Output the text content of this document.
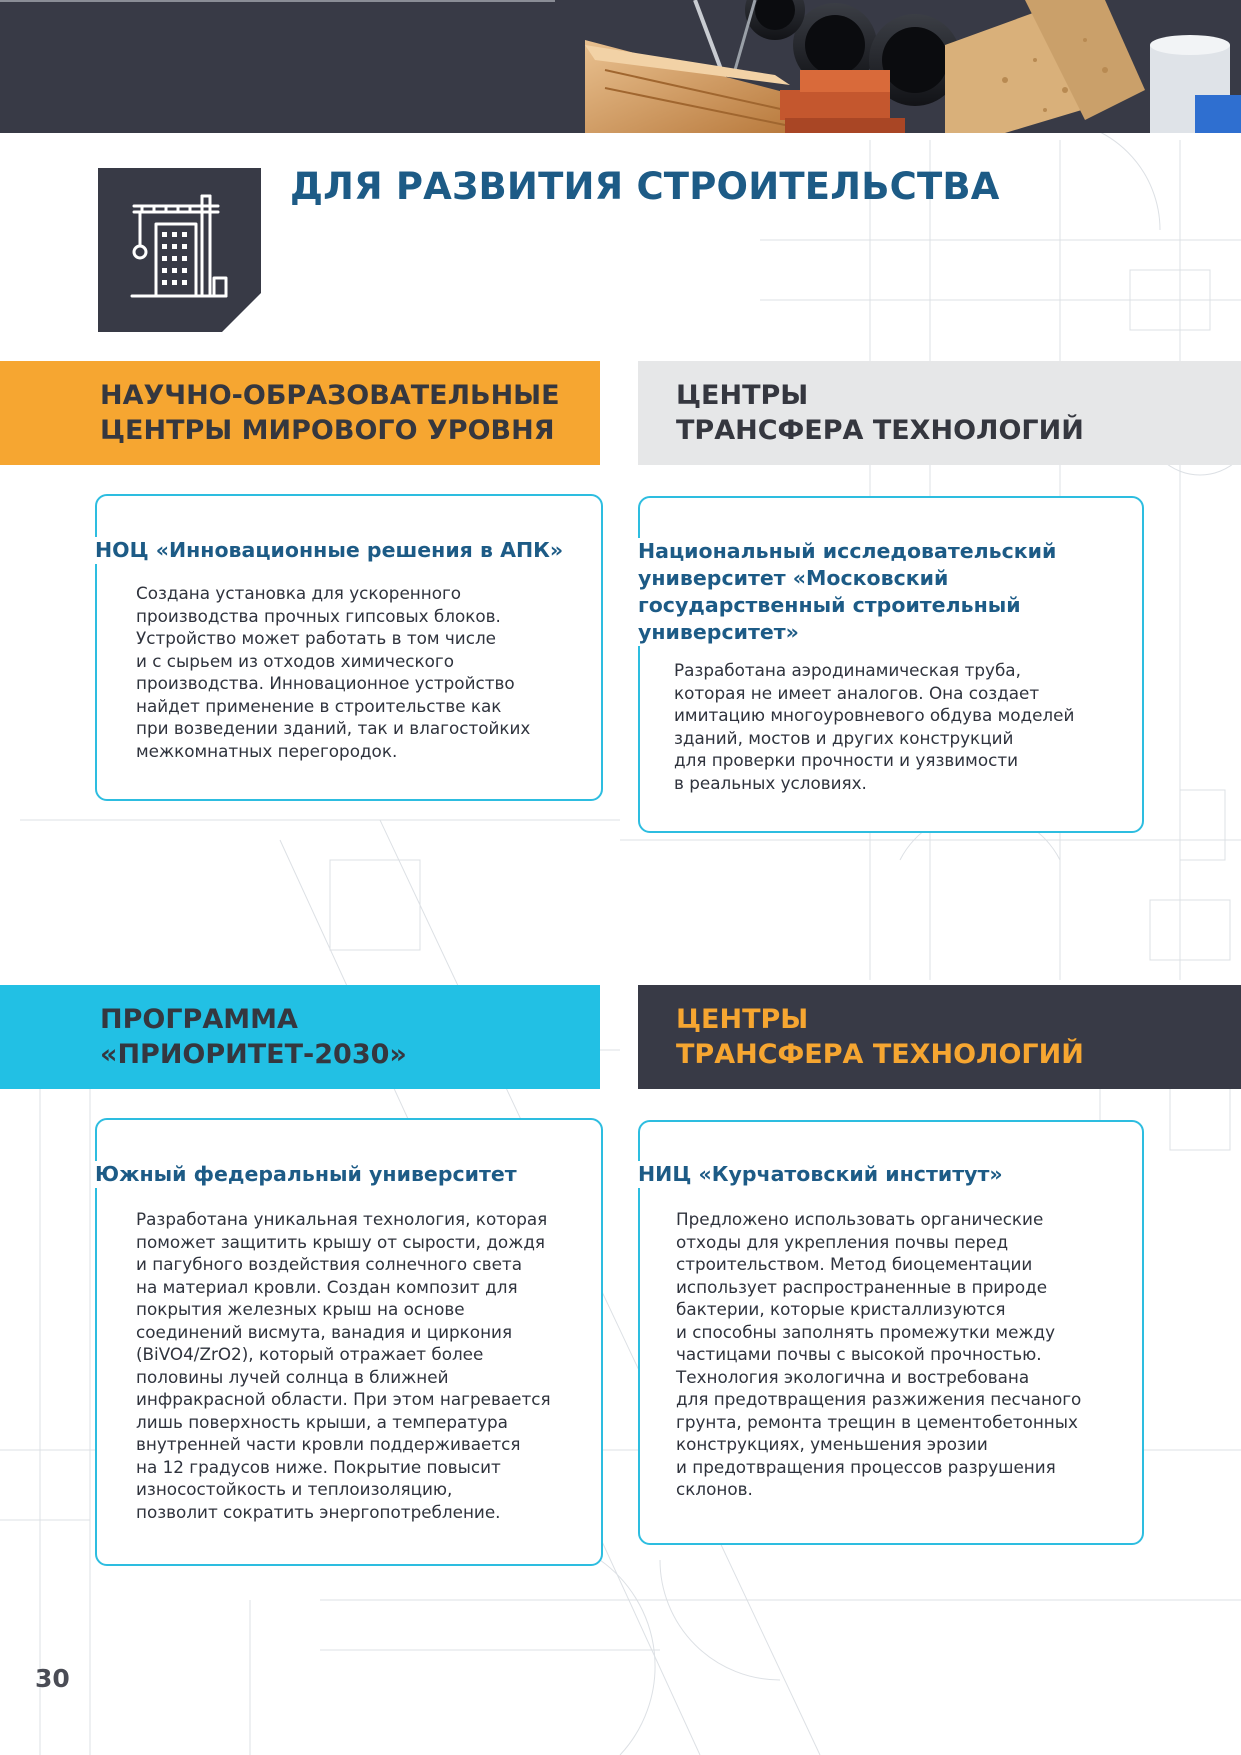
ДЛЯ РАЗВИТИЯ СТРОИТЕЛЬСТВА
НАУЧНО-ОБРАЗОВАТЕЛЬНЫЕ
ЦЕНТРЫ МИРОВОГО УРОВНЯ
НОЦ «Инновационные решения в АПК»
Создана установка для ускоренного
производства прочных гипсовых блоков.
Устройство может работать в том числе
и с сырьем из отходов химического
производства. Инновационное устройство
найдет применение в строительстве как
при возведении зданий, так и влагостойких
межкомнатных перегородок.
ЦЕНТРЫ
ТРАНСФЕРА ТЕХНОЛОГИЙ
Национальный исследовательский
университет «Московский
государственный строительный
университет»
Разработана аэродинамическая труба,
которая не имеет аналогов. Она создает
имитацию многоуровневого обдува моделей
зданий, мостов и других конструкций
для проверки прочности и уязвимости
в реальных условиях.
ПРОГРАММА
«ПРИОРИТЕТ-2030»
Южный федеральный университет
Разработана уникальная технология, которая
поможет защитить крышу от сырости, дождя
и пагубного воздействия солнечного света
на материал кровли. Создан композит для
покрытия железных крыш на основе
соединений висмута, ванадия и циркония
(BiVO4/ZrO2), который отражает более
половины лучей солнца в ближней
инфракрасной области. При этом нагревается
лишь поверхность крыши, а температура
внутренней части кровли поддерживается
на 12 градусов ниже. Покрытие повысит
износостойкость и теплоизоляцию,
позволит сократить энергопотребление.
ЦЕНТРЫ
ТРАНСФЕРА ТЕХНОЛОГИЙ
НИЦ «Курчатовский институт»
Предложено использовать органические
отходы для укрепления почвы перед
строительством. Метод биоцементации
использует распространенные в природе
бактерии, которые кристаллизуются
и способны заполнять промежутки между
частицами почвы с высокой прочностью.
Технология экологична и востребована
для предотвращения разжижения песчаного
грунта, ремонта трещин в цементобетонных
конструкциях, уменьшения эрозии
и предотвращения процессов разрушения
склонов.
30
